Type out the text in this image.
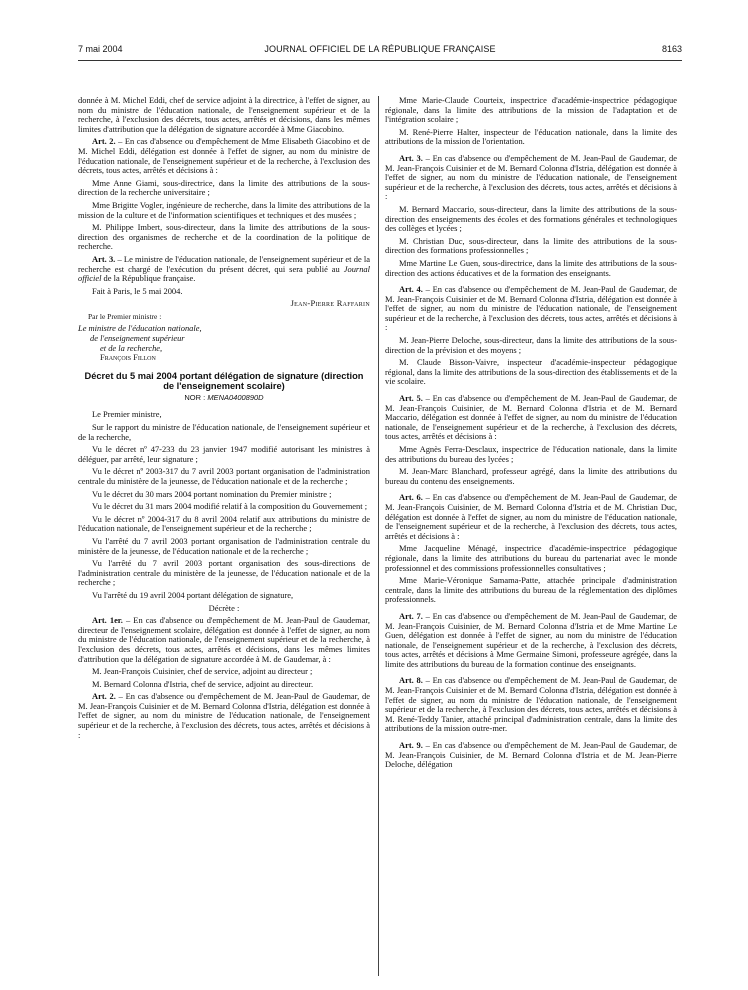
7 mai 2004	JOURNAL OFFICIEL DE LA RÉPUBLIQUE FRANÇAISE	8163

donnée à M. Michel Eddi, chef de service adjoint à la directrice, à l'effet de signer, au nom du ministre de l'éducation nationale, de l'enseignement supérieur et de la recherche, à l'exclusion des décrets, tous actes, arrêtés et décisions, dans les mêmes limites d'attribution que la délégation de signature accordée à Mme Giacobino.

Art. 2. – En cas d'absence ou d'empêchement de Mme Elisabeth Giacobino et de M. Michel Eddi, délégation est donnée à l'effet de signer, au nom du ministre de l'éducation nationale, de l'enseignement supérieur et de la recherche, à l'exclusion des décrets, tous actes, arrêtés et décisions à :

Mme Anne Giami, sous-directrice, dans la limite des attributions de la sous-direction de la recherche universitaire ;

Mme Brigitte Vogler, ingénieure de recherche, dans la limite des attributions de la mission de la culture et de l'information scientifiques et techniques et des musées ;

M. Philippe Imbert, sous-directeur, dans la limite des attributions de la sous-direction des organismes de recherche et de la coordination de la politique de recherche.

Art. 3. – Le ministre de l'éducation nationale, de l'enseignement supérieur et de la recherche est chargé de l'exécution du présent décret, qui sera publié au Journal officiel de la République française.

Fait à Paris, le 5 mai 2004.

Jean-Pierre Raffarin

Par le Premier ministre :

Le ministre de l'éducation nationale,

de l'enseignement supérieur

et de la recherche,

François Fillon

Décret du 5 mai 2004 portant délégation de signature (direction de l'enseignement scolaire)

NOR : MENA0400890D

Le Premier ministre,

Sur le rapport du ministre de l'éducation nationale, de l'enseignement supérieur et de la recherche,

Vu le décret nº 47-233 du 23 janvier 1947 modifié autorisant les ministres à déléguer, par arrêté, leur signature ;

Vu le décret nº 2003-317 du 7 avril 2003 portant organisation de l'administration centrale du ministère de la jeunesse, de l'éducation nationale et de la recherche ;

Vu le décret du 30 mars 2004 portant nomination du Premier ministre ;

Vu le décret du 31 mars 2004 modifié relatif à la composition du Gouvernement ;

Vu le décret nº 2004-317 du 8 avril 2004 relatif aux attributions du ministre de l'éducation nationale, de l'enseignement supérieur et de la recherche ;

Vu l'arrêté du 7 avril 2003 portant organisation de l'administration centrale du ministère de la jeunesse, de l'éducation nationale et de la recherche ;

Vu l'arrêté du 7 avril 2003 portant organisation des sous-directions de l'administration centrale du ministère de la jeunesse, de l'éducation nationale et de la recherche ;

Vu l'arrêté du 19 avril 2004 portant délégation de signature,

Décrète :

Art. 1er. – En cas d'absence ou d'empêchement de M. Jean-Paul de Gaudemar, directeur de l'enseignement scolaire, délégation est donnée à l'effet de signer, au nom du ministre de l'éducation nationale, de l'enseignement supérieur et de la recherche, à l'exclusion des décrets, tous actes, arrêtés et décisions, dans les mêmes limites d'attribution que la délégation de signature accordée à M. de Gaudemar, à :

M. Jean-François Cuisinier, chef de service, adjoint au directeur ;

M. Bernard Colonna d'Istria, chef de service, adjoint au directeur.

Art. 2. – En cas d'absence ou d'empêchement de M. Jean-Paul de Gaudemar, de M. Jean-François Cuisinier et de M. Bernard Colonna d'Istria, délégation est donnée à l'effet de signer, au nom du ministre de l'éducation nationale, de l'enseignement supérieur et de la recherche, à l'exclusion des décrets, tous actes, arrêtés et décisions à :

Mme Marie-Claude Courteix, inspectrice d'académie-inspectrice pédagogique régionale, dans la limite des attributions de la mission de l'adaptation et de l'intégration scolaire ;

M. René-Pierre Halter, inspecteur de l'éducation nationale, dans la limite des attributions de la mission de l'orientation.

Art. 3. – En cas d'absence ou d'empêchement de M. Jean-Paul de Gaudemar, de M. Jean-François Cuisinier et de M. Bernard Colonna d'Istria, délégation est donnée à l'effet de signer, au nom du ministre de l'éducation nationale, de l'enseignement supérieur et de la recherche, à l'exclusion des décrets, tous actes, arrêtés et décisions à :

M. Bernard Maccario, sous-directeur, dans la limite des attributions de la sous-direction des enseignements des écoles et des formations générales et technologiques des collèges et lycées ;

M. Christian Duc, sous-directeur, dans la limite des attributions de la sous-direction des formations professionnelles ;

Mme Martine Le Guen, sous-directrice, dans la limite des attributions de la sous-direction des actions éducatives et de la formation des enseignants.

Art. 4. – En cas d'absence ou d'empêchement de M. Jean-Paul de Gaudemar, de M. Jean-François Cuisinier et de M. Bernard Colonna d'Istria, délégation est donnée à l'effet de signer, au nom du ministre de l'éducation nationale, de l'enseignement supérieur et de la recherche, à l'exclusion des décrets, tous actes, arrêtés et décisions à :

M. Jean-Pierre Deloche, sous-directeur, dans la limite des attributions de la sous-direction de la prévision et des moyens ;

M. Claude Bisson-Vaivre, inspecteur d'académie-inspecteur pédagogique régional, dans la limite des attributions de la sous-direction des établissements et de la vie scolaire.

Art. 5. – En cas d'absence ou d'empêchement de M. Jean-Paul de Gaudemar, de M. Jean-François Cuisinier, de M. Bernard Colonna d'Istria et de M. Bernard Maccario, délégation est donnée à l'effet de signer, au nom du ministre de l'éducation nationale, de l'enseignement supérieur et de la recherche, à l'exclusion des décrets, tous actes, arrêtés et décisions à :

Mme Agnès Ferra-Desclaux, inspectrice de l'éducation nationale, dans la limite des attributions du bureau des lycées ;

M. Jean-Marc Blanchard, professeur agrégé, dans la limite des attributions du bureau du contenu des enseignements.

Art. 6. – En cas d'absence ou d'empêchement de M. Jean-Paul de Gaudemar, de M. Jean-François Cuisinier, de M. Bernard Colonna d'Istria et de M. Christian Duc, délégation est donnée à l'effet de signer, au nom du ministre de l'éducation nationale, de l'enseignement supérieur et de la recherche, à l'exclusion des décrets, tous actes, arrêtés et décisions à :

Mme Jacqueline Ménagé, inspectrice d'académie-inspectrice pédagogique régionale, dans la limite des attributions du bureau du partenariat avec le monde professionnel et des commissions professionnelles consultatives ;

Mme Marie-Véronique Samama-Patte, attachée principale d'administration centrale, dans la limite des attributions du bureau de la réglementation des diplômes professionnels.

Art. 7. – En cas d'absence ou d'empêchement de M. Jean-Paul de Gaudemar, de M. Jean-François Cuisinier, de M. Bernard Colonna d'Istria et de Mme Martine Le Guen, délégation est donnée à l'effet de signer, au nom du ministre de l'éducation nationale, de l'enseignement supérieur et de la recherche, à l'exclusion des décrets, tous actes, arrêtés et décisions à Mme Germaine Simoni, professeure agrégée, dans la limite des attributions du bureau de la formation continue des enseignants.

Art. 8. – En cas d'absence ou d'empêchement de M. Jean-Paul de Gaudemar, de M. Jean-François Cuisinier et de M. Bernard Colonna d'Istria, délégation est donnée à l'effet de signer, au nom du ministre de l'éducation nationale, de l'enseignement supérieur et de la recherche, à l'exclusion des décrets, tous actes, arrêtés et décisions à M. René-Teddy Tanier, attaché principal d'administration centrale, dans la limite des attributions de la mission outre-mer.

Art. 9. – En cas d'absence ou d'empêchement de M. Jean-Paul de Gaudemar, de M. Jean-François Cuisinier, de M. Bernard Colonna d'Istria et de M. Jean-Pierre Deloche, délégation
